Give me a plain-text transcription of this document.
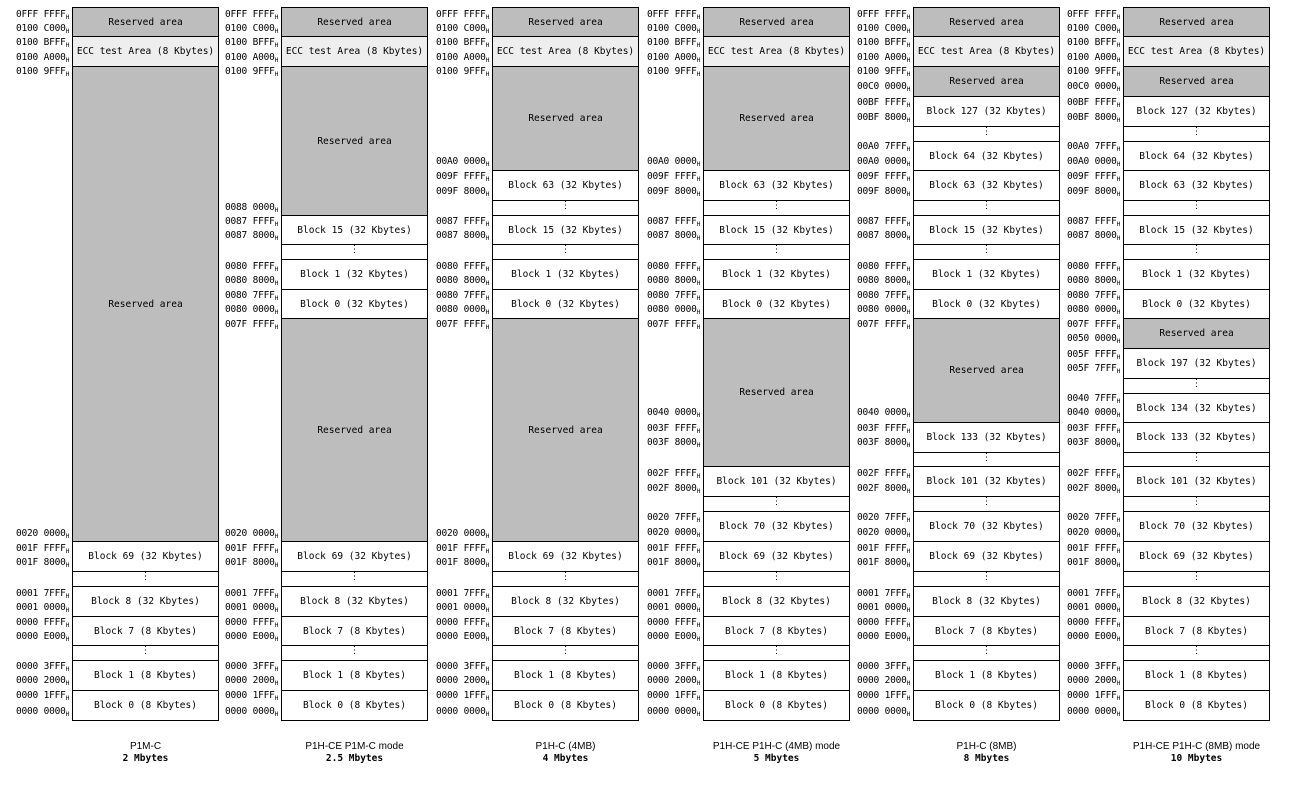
Reserved area
ECC test Area (8 Kbytes)
Reserved area
Block 69 (32 Kbytes)
⋮
Block 8 (32 Kbytes)
Block 7 (8 Kbytes)
⋮
Block 1 (8 Kbytes)
Block 0 (8 Kbytes)
0FFF $FFFF_H$
0100 $C000_H$
0100 $BFFF_H$
0100 $A000_H$
0100 $9FFF_H$
0020 $0000_H$
001F $FFFF_H$
001F $8000_H$
0001 $7FFF_H$
0001 $0000_H$
0000 $FFFF_H$
0000 $E000_H$
0000 $3FFF_H$
0000 $2000_H$
0000 $1FFF_H$
0000 $0000_H$
P1M-C
2 Mbytes
Reserved area
ECC test Area (8 Kbytes)
Reserved area
Block 15 (32 Kbytes)
⋮
Block 1 (32 Kbytes)
Block 0 (32 Kbytes)
Reserved area
Block 69 (32 Kbytes)
⋮
Block 8 (32 Kbytes)
Block 7 (8 Kbytes)
⋮
Block 1 (8 Kbytes)
Block 0 (8 Kbytes)
0FFF $FFFF_H$
0100 $C000_H$
0100 $BFFF_H$
0100 $A000_H$
0100 $9FFF_H$
0088 $0000_H$
0087 $FFFF_H$
0087 $8000_H$
0080 $FFFF_H$
0080 $8000_H$
0080 $7FFF_H$
0080 $0000_H$
007F $FFFF_H$
0020 $0000_H$
001F $FFFF_H$
001F $8000_H$
0001 $7FFF_H$
0001 $0000_H$
0000 $FFFF_H$
0000 $E000_H$
0000 $3FFF_H$
0000 $2000_H$
0000 $1FFF_H$
0000 $0000_H$
P1H-CE P1M-C mode
2.5 Mbytes
Reserved area
ECC test Area (8 Kbytes)
Reserved area
Block 63 (32 Kbytes)
⋮
Block 15 (32 Kbytes)
⋮
Block 1 (32 Kbytes)
Block 0 (32 Kbytes)
Reserved area
Block 69 (32 Kbytes)
⋮
Block 8 (32 Kbytes)
Block 7 (8 Kbytes)
⋮
Block 1 (8 Kbytes)
Block 0 (8 Kbytes)
0FFF $FFFF_H$
0100 $C000_H$
0100 $BFFF_H$
0100 $A000_H$
0100 $9FFF_H$
00A0 $0000_H$
009F $FFFF_H$
009F $8000_H$
0087 $FFFF_H$
0087 $8000_H$
0080 $FFFF_H$
0080 $8000_H$
0080 $7FFF_H$
0080 $0000_H$
007F $FFFF_H$
0020 $0000_H$
001F $FFFF_H$
001F $8000_H$
0001 $7FFF_H$
0001 $0000_H$
0000 $FFFF_H$
0000 $E000_H$
0000 $3FFF_H$
0000 $2000_H$
0000 $1FFF_H$
0000 $0000_H$
P1H-C (4MB)
4 Mbytes
Reserved area
ECC test Area (8 Kbytes)
Reserved area
Block 63 (32 Kbytes)
⋮
Block 15 (32 Kbytes)
⋮
Block 1 (32 Kbytes)
Block 0 (32 Kbytes)
Reserved area
Block 101 (32 Kbytes)
⋮
Block 70 (32 Kbytes)
Block 69 (32 Kbytes)
⋮
Block 8 (32 Kbytes)
Block 7 (8 Kbytes)
⋮
Block 1 (8 Kbytes)
Block 0 (8 Kbytes)
0FFF $FFFF_H$
0100 $C000_H$
0100 $BFFF_H$
0100 $A000_H$
0100 $9FFF_H$
00A0 $0000_H$
009F $FFFF_H$
009F $8000_H$
0087 $FFFF_H$
0087 $8000_H$
0080 $FFFF_H$
0080 $8000_H$
0080 $7FFF_H$
0080 $0000_H$
007F $FFFF_H$
0040 $0000_H$
003F $FFFF_H$
003F $8000_H$
002F $FFFF_H$
002F $8000_H$
0020 $7FFF_H$
0020 $0000_H$
001F $FFFF_H$
001F $8000_H$
0001 $7FFF_H$
0001 $0000_H$
0000 $FFFF_H$
0000 $E000_H$
0000 $3FFF_H$
0000 $2000_H$
0000 $1FFF_H$
0000 $0000_H$
P1H-CE P1H-C (4MB) mode
5 Mbytes
Reserved area
ECC test Area (8 Kbytes)
Reserved area
Block 127 (32 Kbytes)
⋮
Block 64 (32 Kbytes)
Block 63 (32 Kbytes)
⋮
Block 15 (32 Kbytes)
⋮
Block 1 (32 Kbytes)
Block 0 (32 Kbytes)
Reserved area
Block 133 (32 Kbytes)
⋮
Block 101 (32 Kbytes)
⋮
Block 70 (32 Kbytes)
Block 69 (32 Kbytes)
⋮
Block 8 (32 Kbytes)
Block 7 (8 Kbytes)
⋮
Block 1 (8 Kbytes)
Block 0 (8 Kbytes)
0FFF $FFFF_H$
0100 $C000_H$
0100 $BFFF_H$
0100 $A000_H$
0100 $9FFF_H$
00C0 $0000_H$
00BF $FFFF_H$
00BF $8000_H$
00A0 $7FFF_H$
00A0 $0000_H$
009F $FFFF_H$
009F $8000_H$
0087 $FFFF_H$
0087 $8000_H$
0080 $FFFF_H$
0080 $8000_H$
0080 $7FFF_H$
0080 $0000_H$
007F $FFFF_H$
0040 $0000_H$
003F $FFFF_H$
003F $8000_H$
002F $FFFF_H$
002F $8000_H$
0020 $7FFF_H$
0020 $0000_H$
001F $FFFF_H$
001F $8000_H$
0001 $7FFF_H$
0001 $0000_H$
0000 $FFFF_H$
0000 $E000_H$
0000 $3FFF_H$
0000 $2000_H$
0000 $1FFF_H$
0000 $0000_H$
P1H-C (8MB)
8 Mbytes
Reserved area
ECC test Area (8 Kbytes)
Reserved area
Block 127 (32 Kbytes)
⋮
Block 64 (32 Kbytes)
Block 63 (32 Kbytes)
⋮
Block 15 (32 Kbytes)
⋮
Block 1 (32 Kbytes)
Block 0 (32 Kbytes)
Reserved area
Block 197 (32 Kbytes)
⋮
Block 134 (32 Kbytes)
Block 133 (32 Kbytes)
⋮
Block 101 (32 Kbytes)
⋮
Block 70 (32 Kbytes)
Block 69 (32 Kbytes)
⋮
Block 8 (32 Kbytes)
Block 7 (8 Kbytes)
⋮
Block 1 (8 Kbytes)
Block 0 (8 Kbytes)
0FFF $FFFF_H$
0100 $C000_H$
0100 $BFFF_H$
0100 $A000_H$
0100 $9FFF_H$
00C0 $0000_H$
00BF $FFFF_H$
00BF $8000_H$
00A0 $7FFF_H$
00A0 $0000_H$
009F $FFFF_H$
009F $8000_H$
0087 $FFFF_H$
0087 $8000_H$
0080 $FFFF_H$
0080 $8000_H$
0080 $7FFF_H$
0080 $0000_H$
007F $FFFF_H$
0050 $0000_H$
005F $FFFF_H$
005F $7FFF_H$
0040 $7FFF_H$
0040 $0000_H$
003F $FFFF_H$
003F $8000_H$
002F $FFFF_H$
002F $8000_H$
0020 $7FFF_H$
0020 $0000_H$
001F $FFFF_H$
001F $8000_H$
0001 $7FFF_H$
0001 $0000_H$
0000 $FFFF_H$
0000 $E000_H$
0000 $3FFF_H$
0000 $2000_H$
0000 $1FFF_H$
0000 $0000_H$
P1H-CE P1H-C (8MB) mode
10 Mbytes
